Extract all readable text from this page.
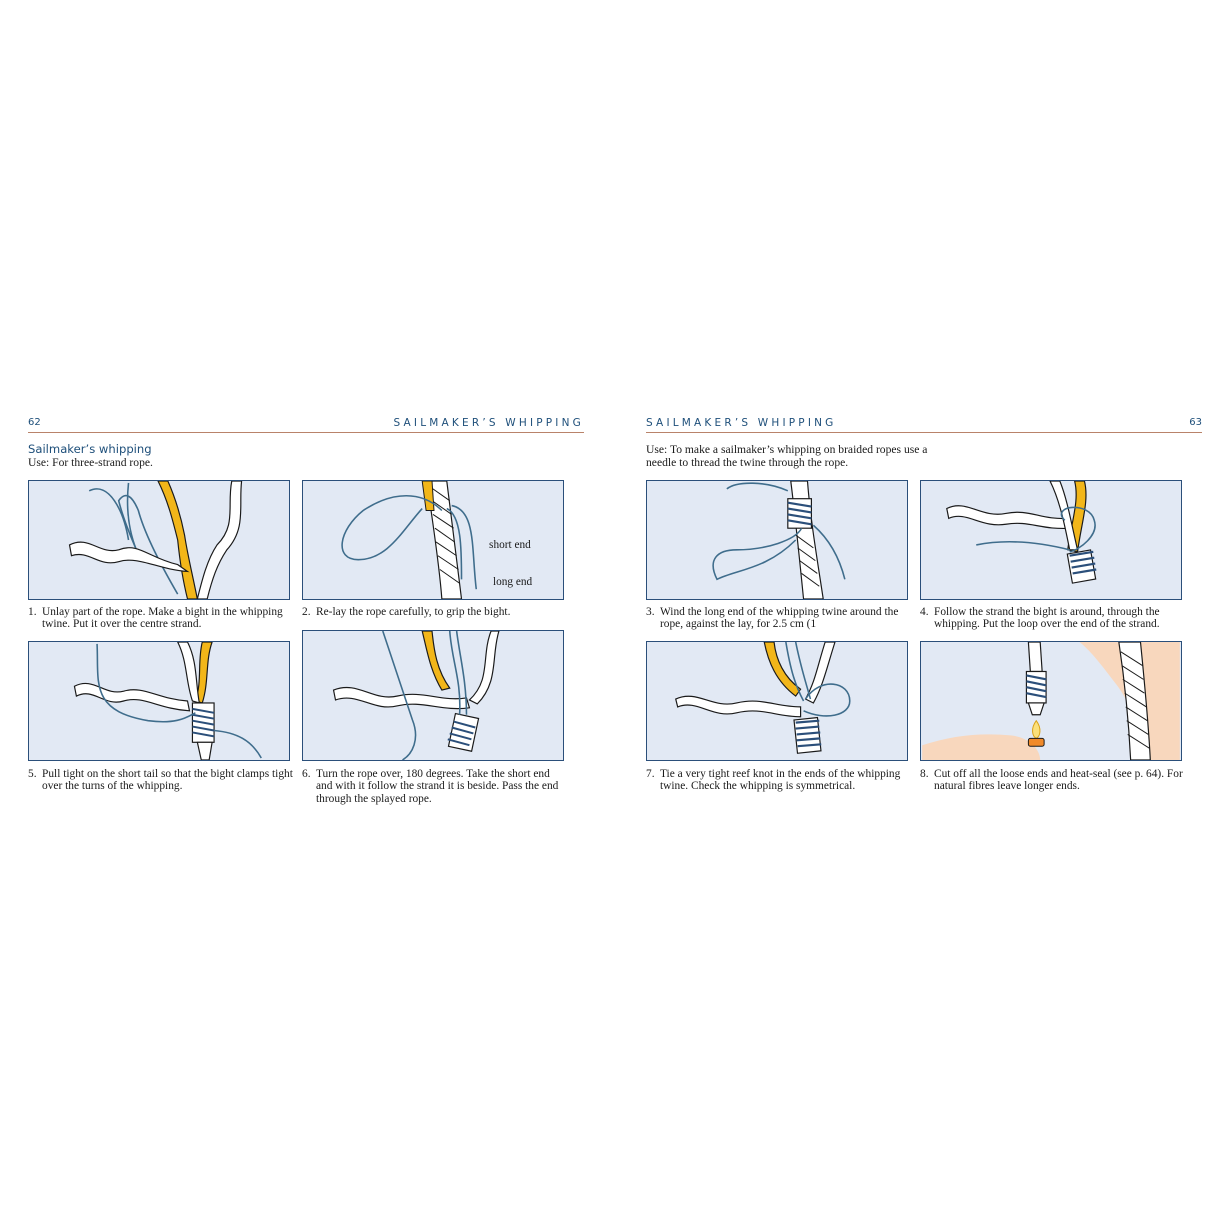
62	SAILMAKER’S WHIPPING
Sailmaker’s whipping
Use: For three-strand rope.
1. Unlay part of the rope. Make a bight in the whipping twine. Put it over the centre strand.
short end
long end
2. Re-lay the rope carefully, to grip the bight.
5. Pull tight on the short tail so that the bight clamps tight over the turns of the whipping.
6. Turn the rope over, 180 degrees. Take the short end and with it follow the strand it is beside. Pass the end through the splayed rope.
SAILMAKER’S WHIPPING	63
Use: To make a sailmaker’s whipping on braided ropes use a needle to thread the twine through the rope.
3. Wind the long end of the whipping twine around the rope, against the lay, for 2.5 cm (1
4. Follow the strand the bight is around, through the whipping. Put the loop over the end of the strand.
7. Tie a very tight reef knot in the ends of the whipping twine. Check the whipping is symmetrical.
8. Cut off all the loose ends and heat-seal (see p. 64). For natural fibres leave longer ends.
